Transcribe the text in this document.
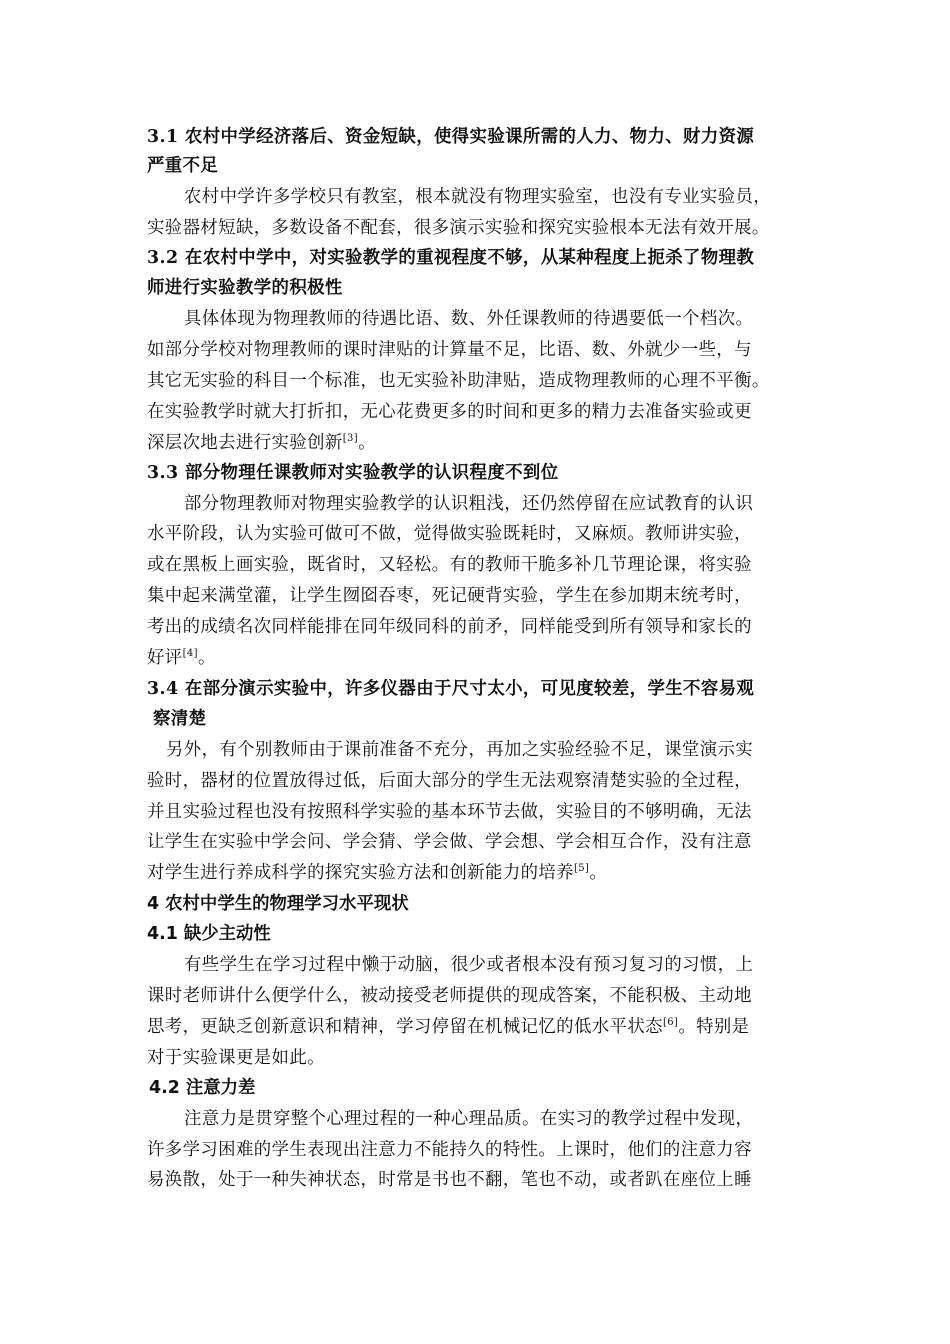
3.1 农村中学经济落后、资金短缺，使得实验课所需的人力、物力、财力资源
严重不足
农村中学许多学校只有教室，根本就没有物理实验室，也没有专业实验员，
实验器材短缺，多数设备不配套，很多演示实验和探究实验根本无法有效开展。
3.2 在农村中学中，对实验教学的重视程度不够，从某种程度上扼杀了物理教
师进行实验教学的积极性
具体体现为物理教师的待遇比语、数、外任课教师的待遇要低一个档次。
如部分学校对物理教师的课时津贴的计算量不足，比语、数、外就少一些，与
其它无实验的科目一个标准，也无实验补助津贴，造成物理教师的心理不平衡。
在实验教学时就大打折扣，无心花费更多的时间和更多的精力去准备实验或更
深层次地去进行实验创新[3]。
3.3 部分物理任课教师对实验教学的认识程度不到位
部分物理教师对物理实验教学的认识粗浅，还仍然停留在应试教育的认识
水平阶段，认为实验可做可不做，觉得做实验既耗时，又麻烦。教师讲实验，
或在黑板上画实验，既省时，又轻松。有的教师干脆多补几节理论课，将实验
集中起来满堂灌，让学生囫囵吞枣，死记硬背实验，学生在参加期末统考时，
考出的成绩名次同样能排在同年级同科的前矛，同样能受到所有领导和家长的
好评[4]。
3.4 在部分演示实验中，许多仪器由于尺寸太小，可见度较差，学生不容易观
察清楚
另外，有个别教师由于课前准备不充分，再加之实验经验不足，课堂演示实
验时，器材的位置放得过低，后面大部分的学生无法观察清楚实验的全过程，
并且实验过程也没有按照科学实验的基本环节去做，实验目的不够明确，无法
让学生在实验中学会问、学会猜、学会做、学会想、学会相互合作，没有注意
对学生进行养成科学的探究实验方法和创新能力的培养[5]。
4 农村中学生的物理学习水平现状
4.1 缺少主动性
有些学生在学习过程中懒于动脑，很少或者根本没有预习复习的习惯，上
课时老师讲什么便学什么，被动接受老师提供的现成答案，不能积极、主动地
思考，更缺乏创新意识和精神，学习停留在机械记忆的低水平状态[6]。特别是
对于实验课更是如此。
4.2 注意力差
注意力是贯穿整个心理过程的一种心理品质。在实习的教学过程中发现，
许多学习困难的学生表现出注意力不能持久的特性。上课时，他们的注意力容
易涣散，处于一种失神状态，时常是书也不翻，笔也不动，或者趴在座位上睡
